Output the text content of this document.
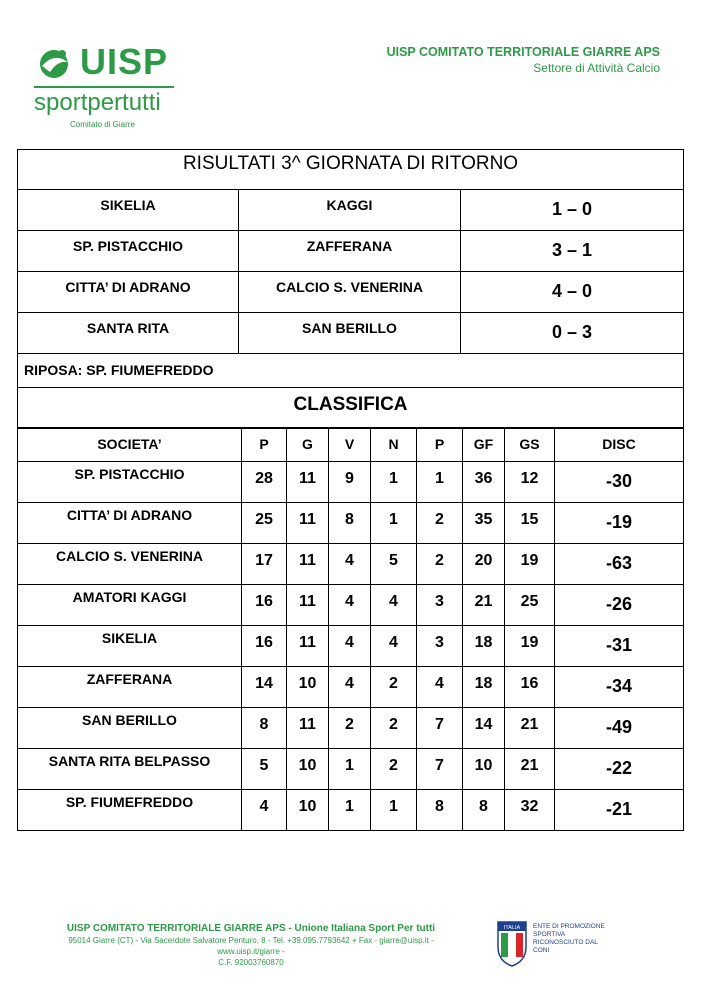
UISP
sportpertutti
Comitato di Giarre
UISP COMITATO TERRITORIALE GIARRE APS
Settore di Attività Calcio
RISULTATI 3^ GIORNATA DI RITORNO		
SIKELIA	KAGGI	1 – 0
SP. PISTACCHIO	ZAFFERANA	3 – 1
CITTA’ DI ADRANO	CALCIO S. VENERINA	4 – 0
SANTA RITA	SAN BERILLO	0 – 3
RIPOSA: SP. FIUMEFREDDO		
CLASSIFICA		
SOCIETA’	P	G	V	N	P	GF	GS	DISC
SP. PISTACCHIO	28	11	9	1	1	36	12	-30
CITTA’ DI ADRANO	25	11	8	1	2	35	15	-19
CALCIO S. VENERINA	17	11	4	5	2	20	19	-63
AMATORI KAGGI	16	11	4	4	3	21	25	-26
SIKELIA	16	11	4	4	3	18	19	-31
ZAFFERANA	14	10	4	2	4	18	16	-34
SAN BERILLO	8	11	2	2	7	14	21	-49
SANTA RITA BELPASSO	5	10	1	2	7	10	21	-22
SP. FIUMEFREDDO	4	10	1	1	8	8	32	-21
UISP COMITATO TERRITORIALE GIARRE APS - Unione Italiana Sport Per tutti
95014 Giarre (CT) - Via Sacerdote Salvatore Penturo, 8 - Tel. +39.095.7793642 + Fax - giarre@uisp.it - www.uisp.it/giarre -
C.F. 92003760870
ITALIA ENTE DI PROMOZIONE SPORTIVA RICONOSCIUTO DAL CONI
